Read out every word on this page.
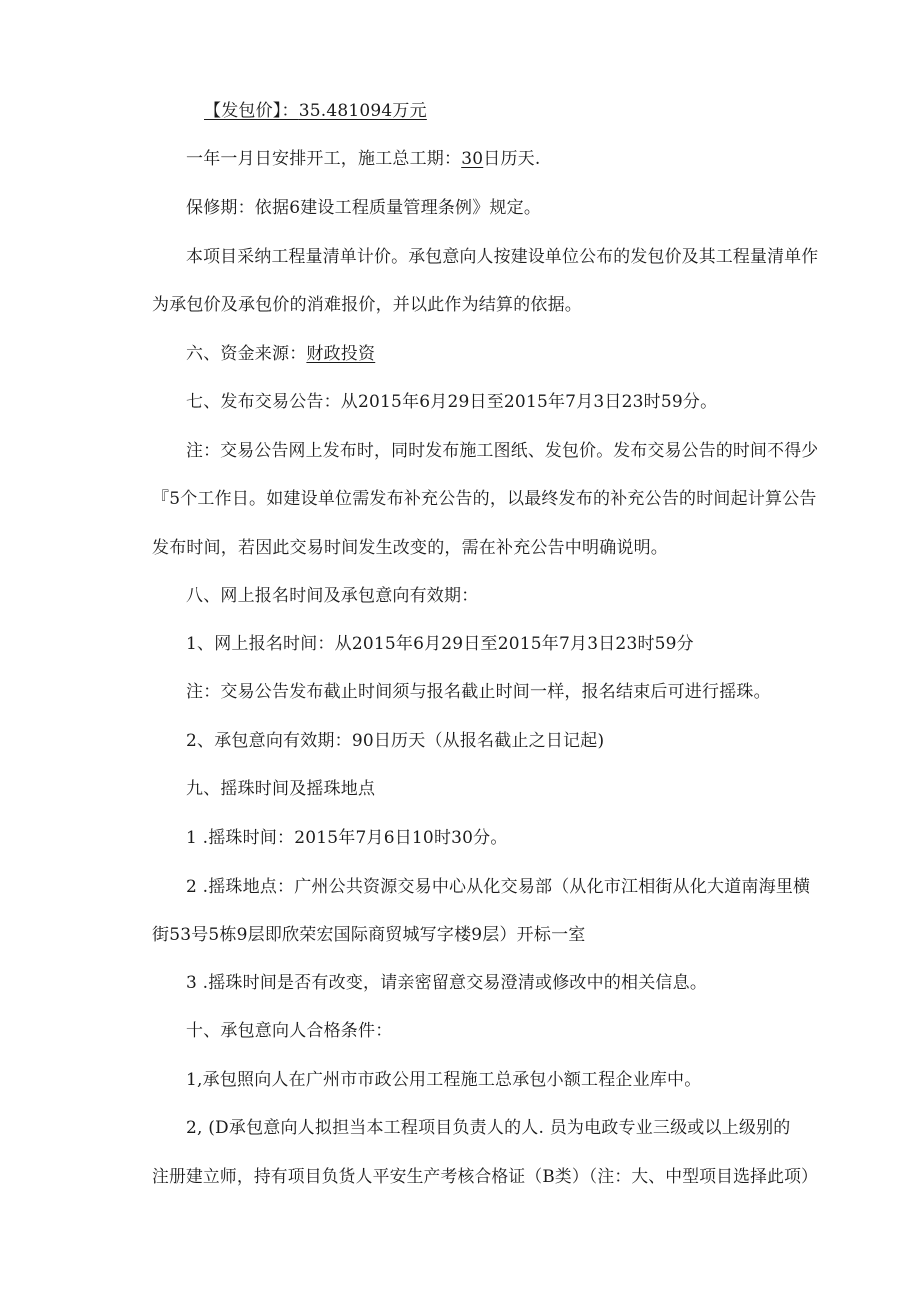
【发包价】：35.481094万元
一年一月日安排开工，施工总工期：30日历天.
保修期：依据6建设工程质量管理条例》规定。
本项目采纳工程量清单计价。承包意向人按建设单位公布的发包价及其工程量清单作
为承包价及承包价的消难报价，并以此作为结算的依据。
六、资金来源：财政投资
七、发布交易公告：从2015年6月29日至2015年7月3日23时59分。
注：交易公告网上发布时，同时发布施工图纸、发包价。发布交易公告的时间不得少
『5个工作日。如建设单位需发布补充公告的，以最终发布的补充公告的时间起计算公告
发布时间，若因此交易时间发生改变的，需在补充公告中明确说明。
八、网上报名时间及承包意向有效期：
1、网上报名时间：从2015年6月29日至2015年7月3日23时59分
注：交易公告发布截止时间须与报名截止时间一样，报名结束后可进行摇珠。
2、承包意向有效期：90日历天（从报名截止之日记起)
九、摇珠时间及摇珠地点
1 .摇珠时间：2015年7月6日10时30分。
2 .摇珠地点：广州公共资源交易中心从化交易部（从化市江相街从化大道南海里横
街53号5栋9层即欣荣宏国际商贸城写字楼9层）开标一室
3 .摇珠时间是否有改变，请亲密留意交易澄清或修改中的相关信息。
十、承包意向人合格条件：
1,承包照向人在广州市市政公用工程施工总承包小额工程企业库中。
2, (D承包意向人拟担当本工程项目负责人的人. 员为电政专业三级或以上级别的
注册建立师，持有项目负货人平安生产考核合格证（B类）（注：大、中型项目选择此项）
